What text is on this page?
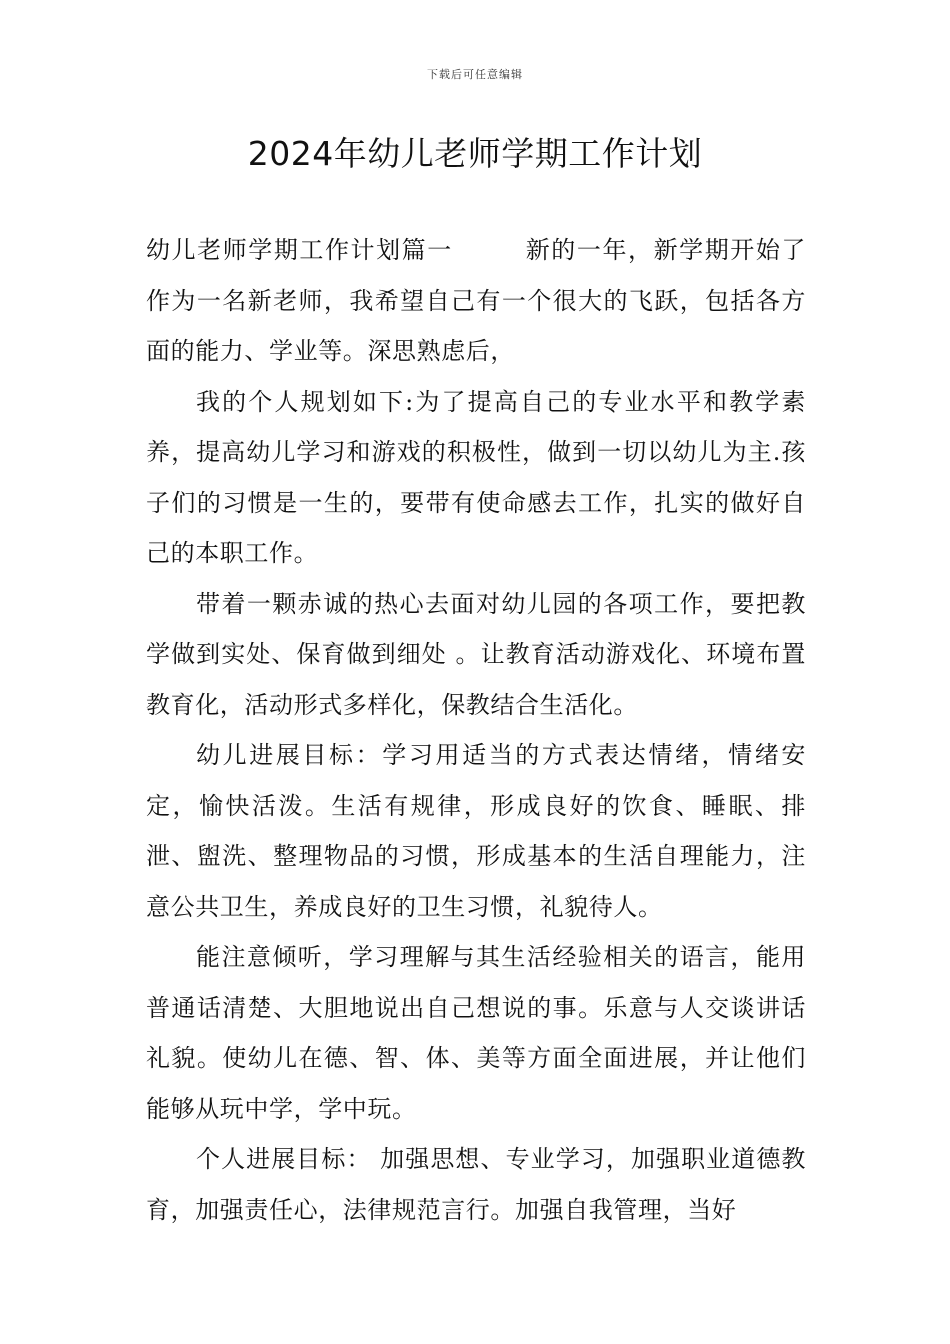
下载后可任意编辑
2024年幼儿老师学期工作计划

幼儿老师学期工作计划篇一	新的一年，新学期开始了作为一名新老师，我希望自己有一个很大的飞跃，包括各方面的能力、学业等。深思熟虑后，

我的个人规划如下:为了提高自己的专业水平和教学素养，提高幼儿学习和游戏的积极性，做到一切以幼儿为主.孩子们的习惯是一生的，要带有使命感去工作，扎实的做好自己的本职工作。

带着一颗赤诚的热心去面对幼儿园的各项工作，要把教学做到实处、保育做到细处 。让教育活动游戏化、环境布置教育化，活动形式多样化，保教结合生活化。

幼儿进展目标：学习用适当的方式表达情绪，情绪安定，愉快活泼。生活有规律，形成良好的饮食、睡眠、排泄、盥洗、整理物品的习惯，形成基本的生活自理能力，注意公共卫生，养成良好的卫生习惯，礼貌待人。

能注意倾听，学习理解与其生活经验相关的语言，能用普通话清楚、大胆地说出自己想说的事。乐意与人交谈讲话礼貌。使幼儿在德、智、体、美等方面全面进展，并让他们能够从玩中学，学中玩。

个人进展目标： 加强思想、专业学习，加强职业道德教育，加强责任心，法律规范言行。加强自我管理，当好
